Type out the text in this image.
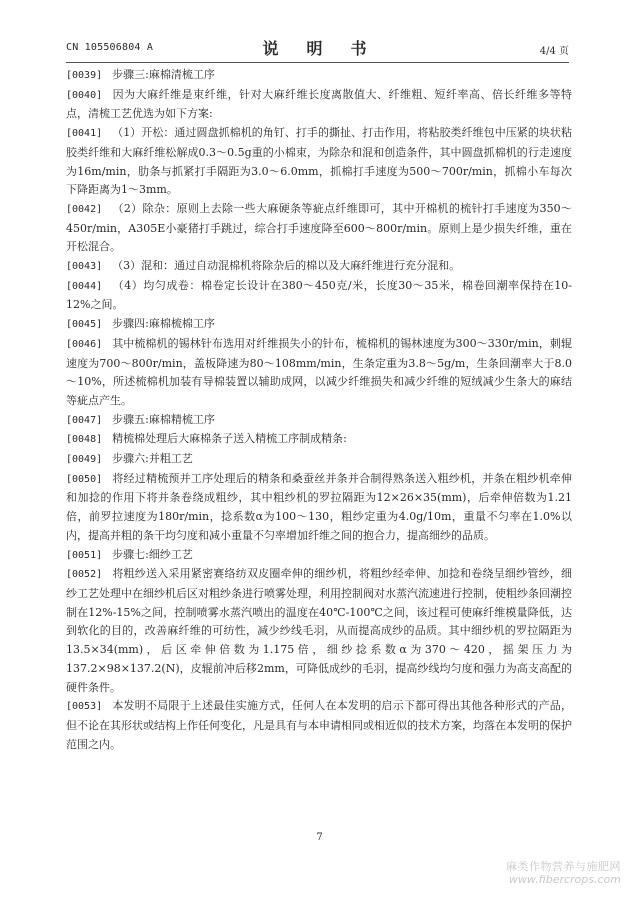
CN 105506804 A	说　明　书	4/4 页

[0039] 步骤三:麻棉清梳工序

[0040] 因为大麻纤维是束纤维，针对大麻纤维长度离散值大、纤维粗、短纤率高、倍长纤维多等特点，清梳工艺优选为如下方案:

[0041] （1）开松：通过圆盘抓棉机的角钉、打手的撕扯、打击作用，将粘胶类纤维包中压紧的块状粘胶类纤维和大麻纤维松解成0.3～0.5g重的小棉束，为除杂和混和创造条件，其中圆盘抓棉机的行走速度为16m/min，肋条与抓紧打手隔距为3.0～6.0mm，抓棉打手速度为500～700r/min，抓棉小车每次下降距离为1～3mm。

[0042] （2）除杂：原则上去除一些大麻硬条等疵点纤维即可，其中开棉机的梳针打手速度为350～450r/min，A305E小豪猪打手跳过，综合打手速度降至600～800r/min。原则上是少损失纤维，重在开松混合。

[0043] （3）混和：通过自动混棉机将除杂后的棉以及大麻纤维进行充分混和。

[0044] （4）均匀成卷：棉卷定长设计在380～450克/米，长度30～35米，棉卷回潮率保持在10-12%之间。

[0045] 步骤四:麻棉梳棉工序

[0046] 其中梳棉机的锡林针布选用对纤维损失小的针布，梳棉机的锡林速度为300～330r/min，刺辊速度为700～800r/min，盖板降速为80～108mm/min，生条定重为3.8～5g/m，生条回潮率大于8.0～10%，所述梳棉机加装有导棉装置以辅助成网，以减少纤维损失和减少纤维的短绒减少生条大的麻结等疵点产生。

[0047] 步骤五:麻棉精梳工序

[0048] 精梳棉处理后大麻棉条子送入精梳工序制成精条:

[0049] 步骤六:并粗工艺

[0050] 将经过精梳预并工序处理后的精条和桑蚕丝并条并合制得熟条送入粗纱机，并条在粗纱机牵伸和加捻的作用下将并条卷绕成粗纱，其中粗纱机的罗拉隔距为12×26×35(mm)，后牵伸倍数为1.21倍，前罗拉速度为180r/min，捻系数α为100～130，粗纱定重为4.0g/10m，重量不匀率在1.0%以内，提高并粗的条干均匀度和减小重量不匀率增加纤维之间的抱合力，提高细纱的品质。

[0051] 步骤七:细纱工艺

[0052] 将粗纱送入采用紧密赛络纺双皮圈牵伸的细纱机，将粗纱经牵伸、加捻和卷绕呈细纱管纱，细纱工艺处理中在细纱机后区对粗纱条进行喷雾处理，利用控制阀对水蒸汽流速进行控制，使粗纱条回潮控制在12%-15%之间，控制喷雾水蒸汽喷出的温度在40℃-100℃之间，该过程可使麻纤维模量降低，达到软化的目的，改善麻纤维的可纺性，减少纱线毛羽，从而提高成纱的品质。其中细纱机的罗拉隔距为13.5×34(mm)，后区牵伸倍数为1.175倍，细纱捻系数α为370～420，摇架压力为137.2×98×137.2(N)，皮辊前冲后移2mm，可降低成纱的毛羽，提高纱线均匀度和强力为高支高配的硬件条件。

[0053] 本发明不局限于上述最佳实施方式，任何人在本发明的启示下都可得出其他各种形式的产品，但不论在其形状或结构上作任何变化，凡是具有与本申请相同或相近似的技术方案，均落在本发明的保护范围之内。

7
麻类作物营养与施肥网
www.fibercrops.com
